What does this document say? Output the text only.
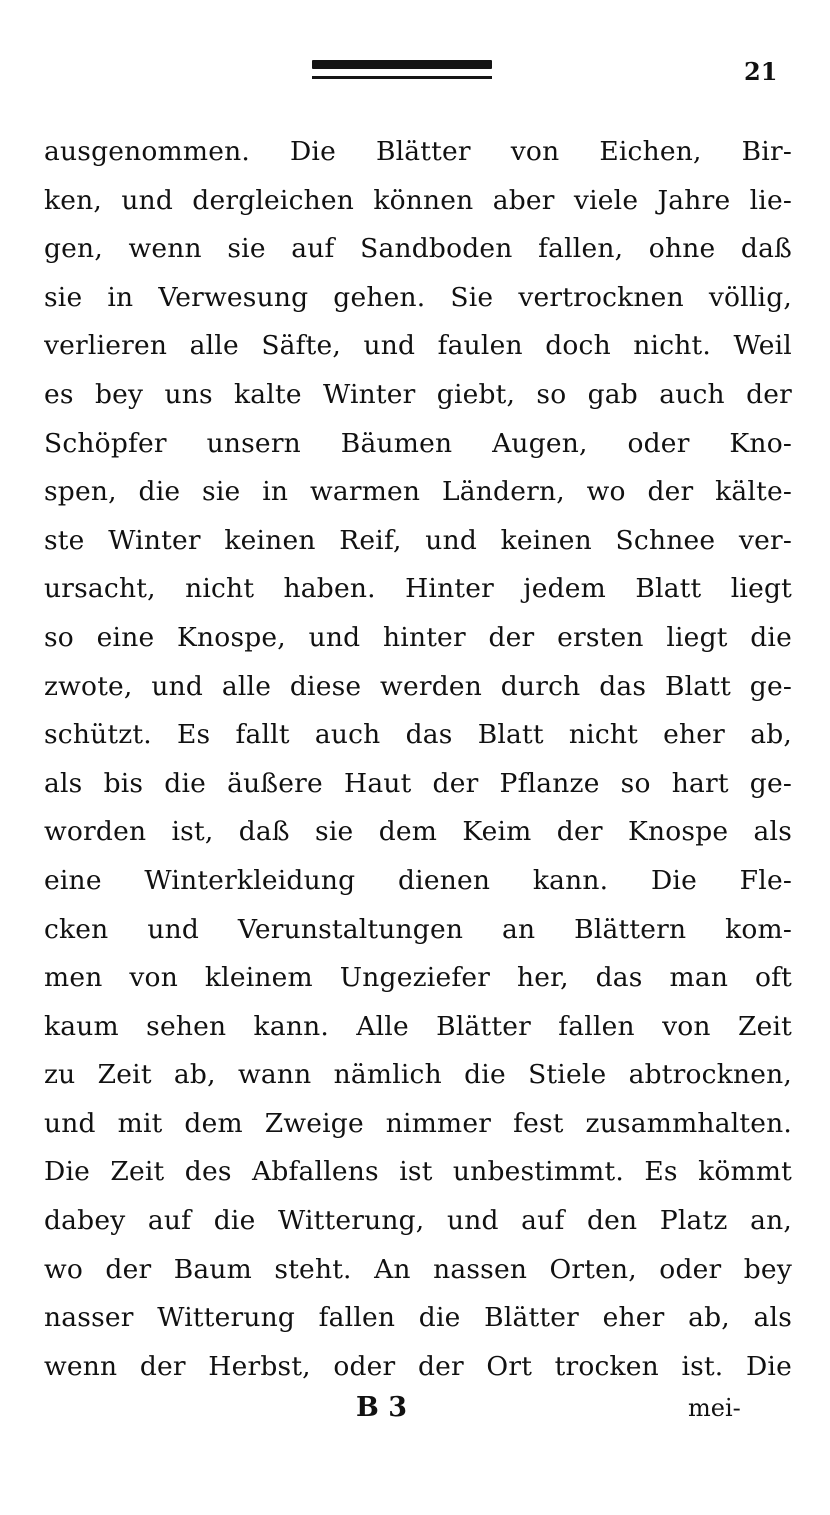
21
ausgenommen. Die Blätter von Eichen, Bir-
ken, und dergleichen können aber viele Jahre lie-
gen, wenn sie auf Sandboden fallen, ohne daß
sie in Verwesung gehen. Sie vertrocknen völlig,
verlieren alle Säfte, und faulen doch nicht. Weil
es bey uns kalte Winter giebt, so gab auch der
Schöpfer unsern Bäumen Augen, oder Kno-
spen, die sie in warmen Ländern, wo der kälte-
ste Winter keinen Reif, und keinen Schnee ver-
ursacht, nicht haben. Hinter jedem Blatt liegt
so eine Knospe, und hinter der ersten liegt die
zwote, und alle diese werden durch das Blatt ge-
schützt. Es fallt auch das Blatt nicht eher ab,
als bis die äußere Haut der Pflanze so hart ge-
worden ist, daß sie dem Keim der Knospe als
eine Winterkleidung dienen kann. Die Fle-
cken und Verunstaltungen an Blättern kom-
men von kleinem Ungeziefer her, das man oft
kaum sehen kann. Alle Blätter fallen von Zeit
zu Zeit ab, wann nämlich die Stiele abtrocknen,
und mit dem Zweige nimmer fest zusammhalten.
Die Zeit des Abfallens ist unbestimmt. Es kömmt
dabey auf die Witterung, und auf den Platz an,
wo der Baum steht. An nassen Orten, oder bey
nasser Witterung fallen die Blätter eher ab, als
wenn der Herbst, oder der Ort trocken ist. Die
B 3	mei-
